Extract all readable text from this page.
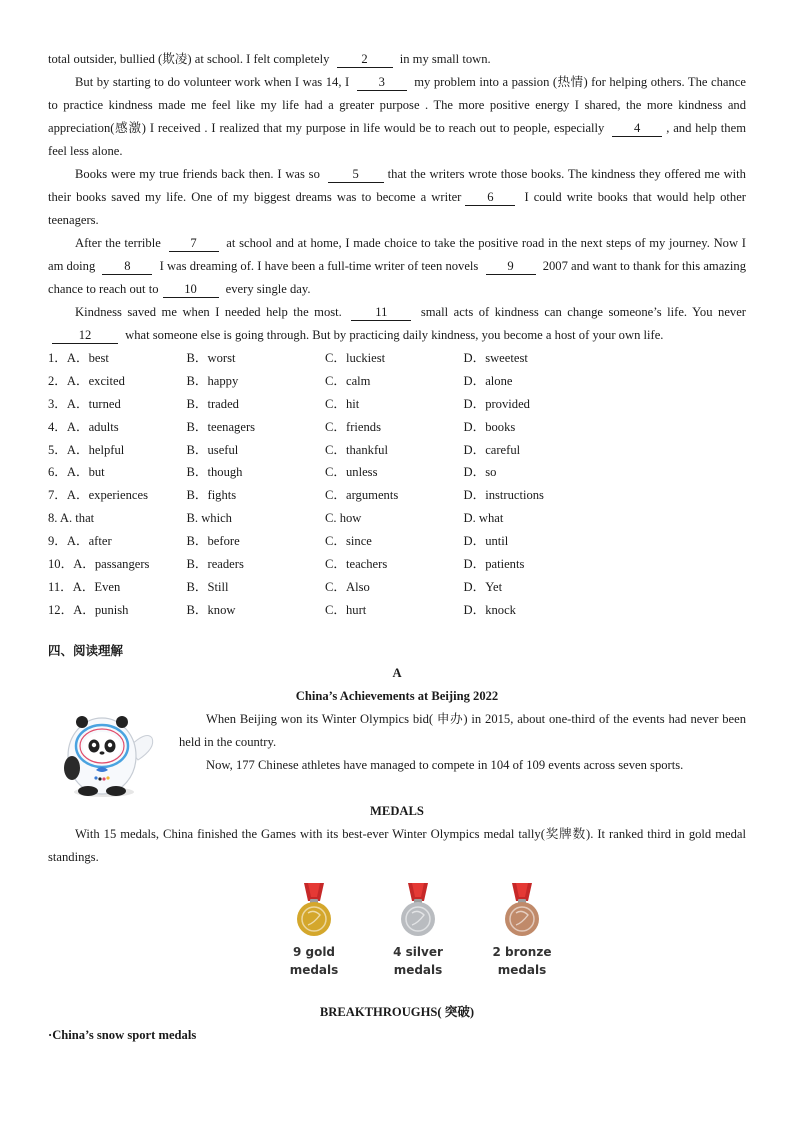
total outsider, bullied (欺凌) at school. I felt completely	2	in my small town.

But by starting to do volunteer work when I was 14, I 3 my problem into a passion (热情) for helping others. The chance to practice kindness made me feel like my life had a greater purpose . The more positive energy I shared, the more kindness and appreciation(感激) I received . I realized that my purpose in life would be to reach out to people, especially 4 , and help them feel less alone.

Books were my true friends back then. I was so	5 that the writers wrote those books. The kindness they offered me with their books saved my life. One of my biggest dreams was to become a writer 6 I could write books that would help other teenagers.

After the terrible 7 at school and at home, I made choice to take the positive road in the next steps of my journey. Now I am doing 8 I was dreaming of. I have been a full-time writer of teen novels 9 2007 and want to thank for this amazing chance to reach out to 10 every single day.

Kindness saved me when I needed help the most.	11	small acts of kindness can change someone’s life. You never 12	what someone else is going through. But by practicing daily kindness, you become a host of your own life.

1．A．best	B．worst	C．luckiest	D．sweetest
2．A．excited	B．happy	C．calm	D．alone
3．A．turned	B．traded	C．hit	D．provided
4．A．adults	B．teenagers	C．friends	D．books
5．A．helpful	B．useful	C．thankful	D．careful
6．A．but	B．though	C．unless	D．so
7．A．experiences	B．fights	C．arguments	D．instructions
8. A. that	B. which	C. how	D. what
9．A．after	B．before	C．since	D．until
10．A．passangers	B．readers	C．teachers	D．patients
11．A．Even	B．Still	C．Also	D．Yet
12．A．punish	B．know	C．hurt	D．knock
四、阅读理解
A
China’s Achievements at Beijing 2022

When Beijing won its Winter Olympics bid( 申办) in 2015, about one-third of the events had never been held in the country.

Now, 177 Chinese athletes have managed to compete in 104 of 109 events across seven sports.

MEDALS

With 15 medals, China finished the Games with its best-ever Winter Olympics medal tally(奖牌数). It ranked third in gold medal standings.

9 gold
medals
4 silver
medals
2 bronze
medals
BREAKTHROUGHS( 突破)
·China’s snow sport medals
